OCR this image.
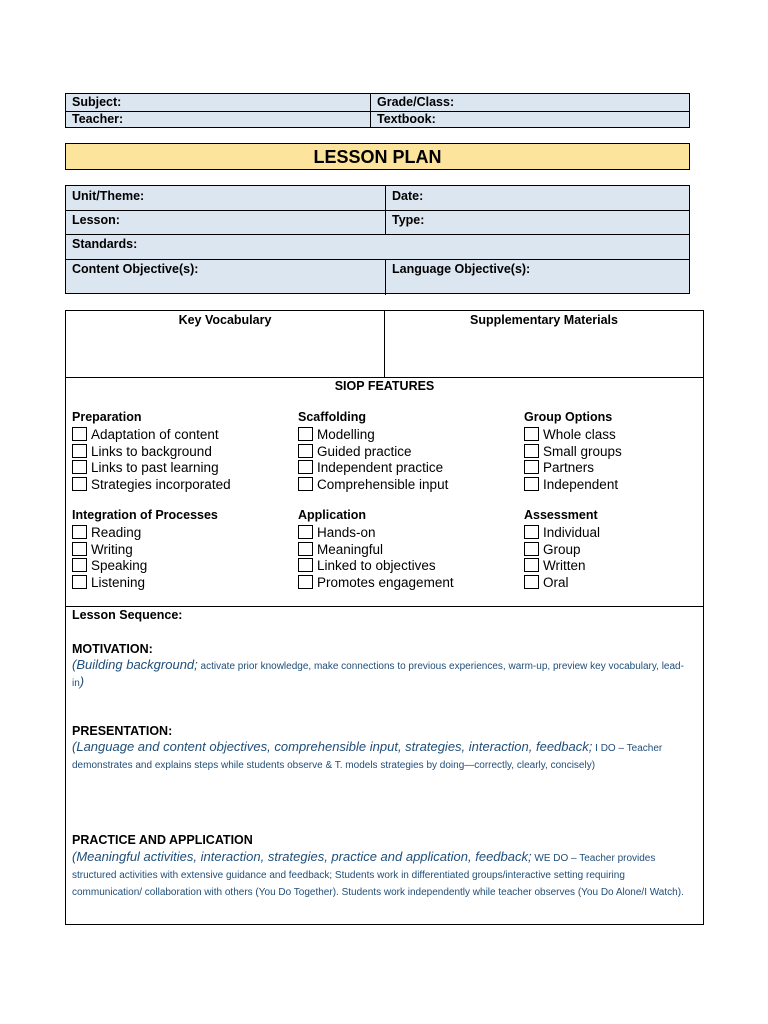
Subject:	Grade/Class:
Teacher:	Textbook:
LESSON PLAN
Unit/Theme:	Date:
Lesson:	Type:
Standards:
Content Objective(s):	Language Objective(s):
Key Vocabulary	Supplementary Materials
SIOP FEATURES
Preparation
Adaptation of content
Links to background
Links to past learning
Strategies incorporated
Scaffolding
Modelling
Guided practice
Independent practice
Comprehensible input
Group Options
Whole class
Small groups
Partners
Independent
Integration of Processes
Reading
Writing
Speaking
Listening
Application
Hands-on
Meaningful
Linked to objectives
Promotes engagement
Assessment
Individual
Group
Written
Oral
Lesson Sequence:
MOTIVATION:
(Building background; activate prior knowledge, make connections to previous experiences, warm-up, preview key vocabulary, lead-in)
PRESENTATION:
(Language and content objectives, comprehensible input, strategies, interaction, feedback; I DO – Teacher demonstrates and explains steps while students observe & T. models strategies by doing—correctly, clearly, concisely)
PRACTICE AND APPLICATION
(Meaningful activities, interaction, strategies, practice and application, feedback; WE DO – Teacher provides structured activities with extensive guidance and feedback; Students work in differentiated groups/interactive setting requiring communication/ collaboration with others (You Do Together). Students work independently while teacher observes (You Do Alone/I Watch).
